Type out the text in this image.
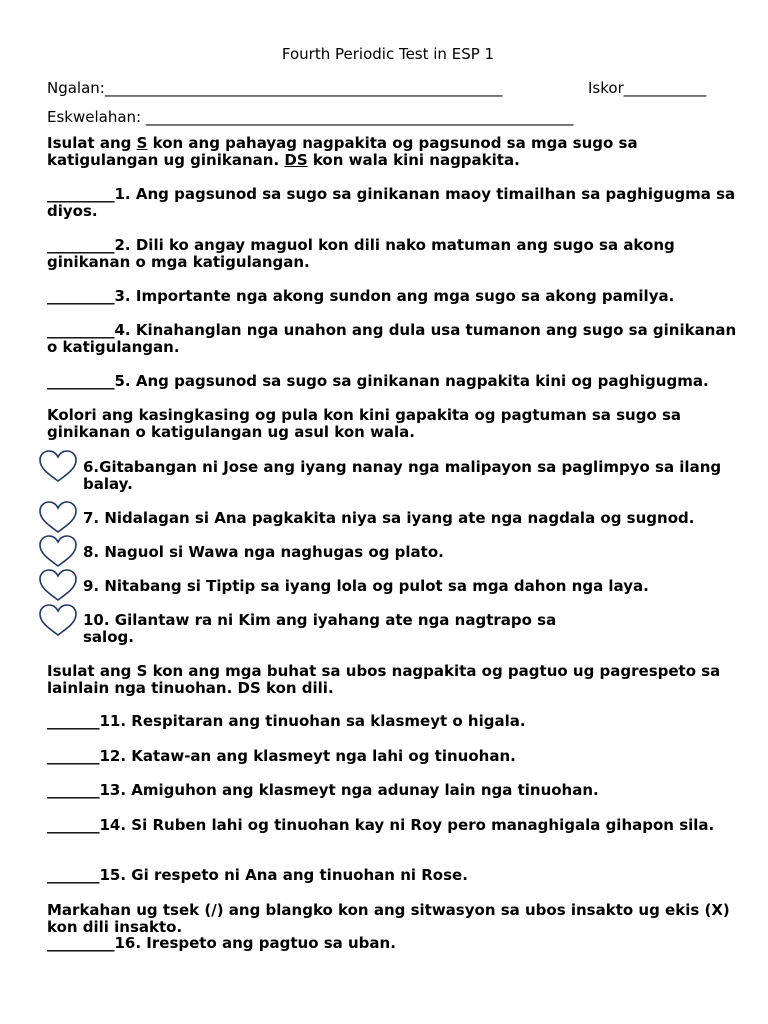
Fourth Periodic Test in ESP 1
Ngalan:_____________________________________________________	Iskor___________
Eskwelahan: _________________________________________________________
Isulat ang S kon ang pahayag nagpakita og pagsunod sa mga sugo sa katigulangan ug ginikanan. DS kon wala kini nagpakita.
_________1. Ang pagsunod sa sugo sa ginikanan maoy timailhan sa paghigugma sa diyos.
_________2. Dili ko angay maguol kon dili nako matuman ang sugo sa akong ginikanan o mga katigulangan.
_________3. Importante nga akong sundon ang mga sugo sa akong pamilya.
_________4. Kinahanglan nga unahon ang dula usa tumanon ang sugo sa ginikanan o katigulangan.
_________5. Ang pagsunod sa sugo sa ginikanan nagpakita kini og paghigugma.
Kolori ang kasingkasing og pula kon kini gapakita og pagtuman sa sugo sa ginikanan o katigulangan ug asul kon wala.
6.Gitabangan ni Jose ang iyang nanay nga malipayon sa paglimpyo sa ilang balay.
7. Nidalagan si Ana pagkakita niya sa iyang ate nga nagdala og sugnod.
8. Naguol si Wawa nga naghugas og plato.
9. Nitabang si Tiptip sa iyang lola og pulot sa mga dahon nga laya.
10. Gilantaw ra ni Kim ang iyahang ate nga nagtrapo sa salog.
Isulat ang S kon ang mga buhat sa ubos nagpakita og pagtuo ug pagrespeto sa lainlain nga tinuohan. DS kon dili.
_______11. Respitaran ang tinuohan sa klasmeyt o higala.
_______12. Kataw-an ang klasmeyt nga lahi og tinuohan.
_______13. Amiguhon ang klasmeyt nga adunay lain nga tinuohan.
_______14. Si Ruben lahi og tinuohan kay ni Roy pero managhigala gihapon sila.
_______15. Gi respeto ni Ana ang tinuohan ni Rose.
Markahan ug tsek (/) ang blangko kon ang sitwasyon sa ubos insakto ug ekis (X) kon dili insakto.
_________16. Irespeto ang pagtuo sa uban.
